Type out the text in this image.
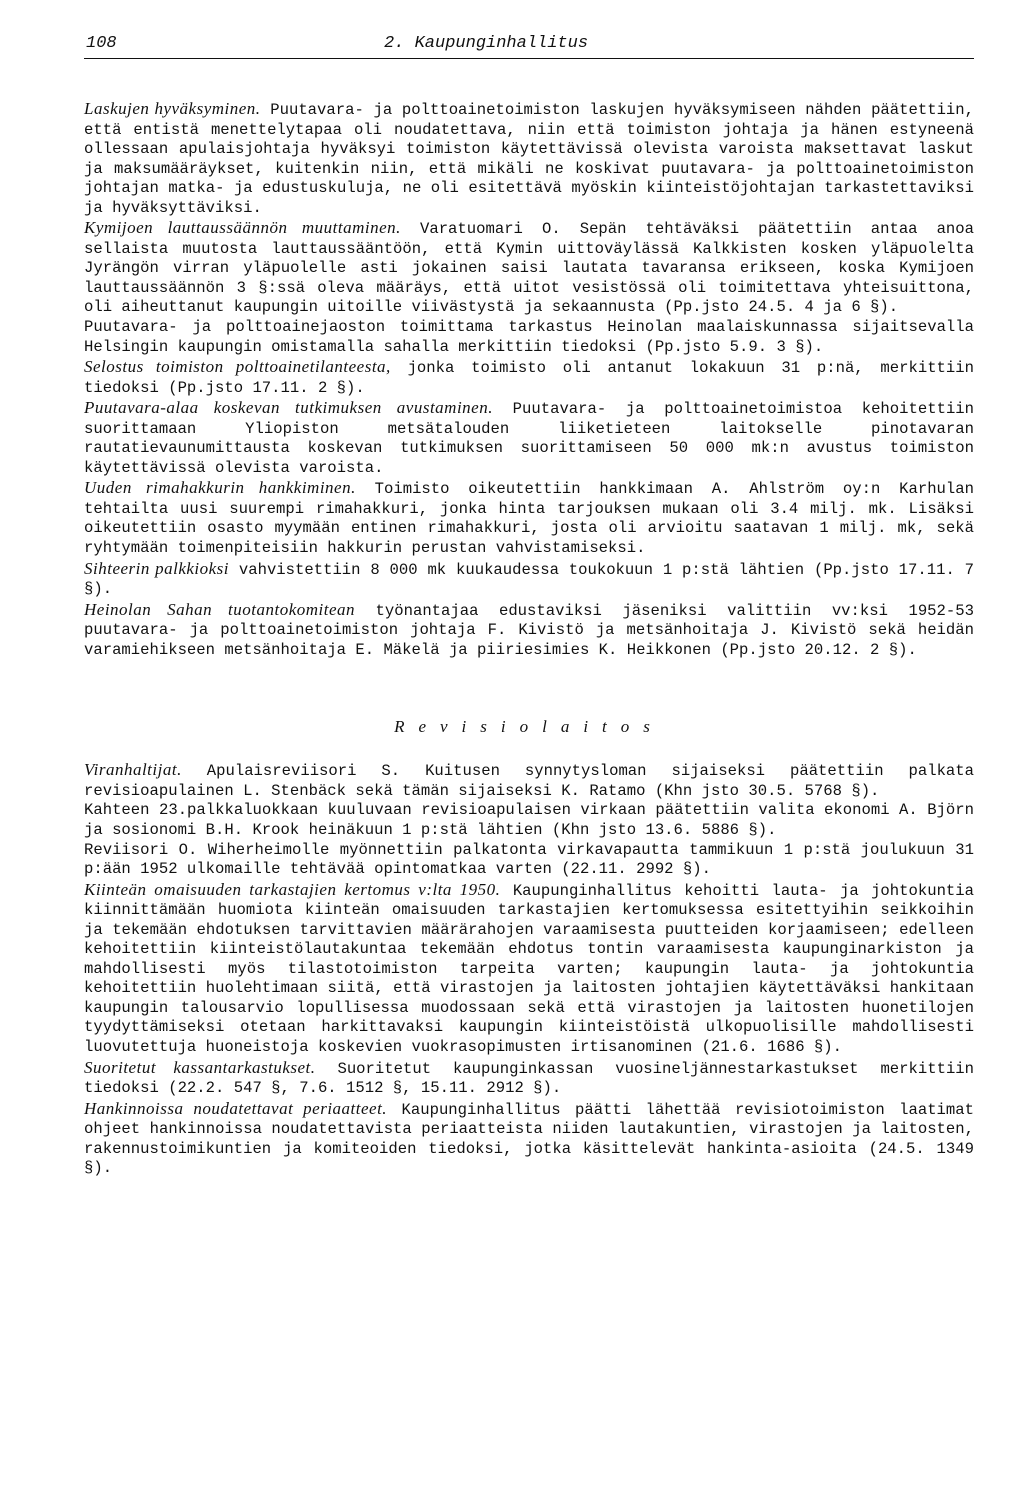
108	2. Kaupunginhallitus

Laskujen hyväksyminen. Puutavara- ja polttoainetoimiston laskujen hyväksymiseen nähden päätettiin, että entistä menettelytapaa oli noudatettava, niin että toimiston johtaja ja hänen estyneenä ollessaan apulaisjohtaja hyväksyi toimiston käytettävissä olevista varoista maksettavat laskut ja maksumääräykset, kuitenkin niin, että mikäli ne koskivat puutavara- ja polttoainetoimiston johtajan matka- ja edustuskuluja, ne oli esitettävä myöskin kiinteistöjohtajan tarkastettaviksi ja hyväksyttäviksi.

Kymijoen lauttaussäännön muuttaminen. Varatuomari O. Sepän tehtäväksi päätettiin antaa anoa sellaista muutosta lauttaussääntöön, että Kymin uittoväylässä Kalkkisten kosken yläpuolelta Jyrängön virran yläpuolelle asti jokainen saisi lautata tavaransa erikseen, koska Kymijoen lauttaussäännön 3 §:ssä oleva määräys, että uitot vesistössä oli toimitettava yhteisuittona, oli aiheuttanut kaupungin uitoille viivästystä ja sekaannusta (Pp.jsto 24.5. 4 ja 6 §).

Puutavara- ja polttoainejaoston toimittama tarkastus Heinolan maalaiskunnassa sijaitsevalla Helsingin kaupungin omistamalla sahalla merkittiin tiedoksi (Pp.jsto 5.9. 3 §).

Selostus toimiston polttoainetilanteesta, jonka toimisto oli antanut lokakuun 31 p:nä, merkittiin tiedoksi (Pp.jsto 17.11. 2 §).

Puutavara-alaa koskevan tutkimuksen avustaminen. Puutavara- ja polttoainetoimistoa kehoitettiin suorittamaan Yliopiston metsätalouden liiketieteen laitokselle pinotavaran rautatievaunumittausta koskevan tutkimuksen suorittamiseen 50 000 mk:n avustus toimiston käytettävissä olevista varoista.

Uuden rimahakkurin hankkiminen. Toimisto oikeutettiin hankkimaan A. Ahlström oy:n Karhulan tehtailta uusi suurempi rimahakkuri, jonka hinta tarjouksen mukaan oli 3.4 milj. mk. Lisäksi oikeutettiin osasto myymään entinen rimahakkuri, josta oli arvioitu saatavan 1 milj. mk, sekä ryhtymään toimenpiteisiin hakkurin perustan vahvistamiseksi.

Sihteerin palkkioksi vahvistettiin 8 000 mk kuukaudessa toukokuun 1 p:stä lähtien (Pp.jsto 17.11. 7 §).

Heinolan Sahan tuotantokomitean työnantajaa edustaviksi jäseniksi valittiin vv:ksi 1952-53 puutavara- ja polttoainetoimiston johtaja F. Kivistö ja metsänhoitaja J. Kivistö sekä heidän varamiehikseen metsänhoitaja E. Mäkelä ja piiriesimies K. Heikkonen (Pp.jsto 20.12. 2 §).

Revisiolaitos

Viranhaltijat. Apulaisreviisori S. Kuitusen synnytysloman sijaiseksi päätettiin palkata revisioapulainen L. Stenbäck sekä tämän sijaiseksi K. Ratamo (Khn jsto 30.5. 5768 §).

Kahteen 23.palkkaluokkaan kuuluvaan revisioapulaisen virkaan päätettiin valita ekonomi A. Björn ja sosionomi B.H. Krook heinäkuun 1 p:stä lähtien (Khn jsto 13.6. 5886 §).

Reviisori O. Wiherheimolle myönnettiin palkatonta virkavapautta tammikuun 1 p:stä joulukuun 31 p:ään 1952 ulkomaille tehtävää opintomatkaa varten (22.11. 2992 §).

Kiinteän omaisuuden tarkastajien kertomus v:lta 1950. Kaupunginhallitus kehoitti lauta- ja johtokuntia kiinnittämään huomiota kiinteän omaisuuden tarkastajien kertomuksessa esitettyihin seikkoihin ja tekemään ehdotuksen tarvittavien määrärahojen varaamisesta puutteiden korjaamiseen; edelleen kehoitettiin kiinteistölautakuntaa tekemään ehdotus tontin varaamisesta kaupunginarkiston ja mahdollisesti myös tilastotoimiston tarpeita varten; kaupungin lauta- ja johtokuntia kehoitettiin huolehtimaan siitä, että virastojen ja laitosten johtajien käytettäväksi hankitaan kaupungin talousarvio lopullisessa muodossaan sekä että virastojen ja laitosten huonetilojen tyydyttämiseksi otetaan harkittavaksi kaupungin kiinteistöistä ulkopuolisille mahdollisesti luovutettuja huoneistoja koskevien vuokrasopimusten irtisanominen (21.6. 1686 §).

Suoritetut kassantarkastukset. Suoritetut kaupunginkassan vuosineljännestarkastukset merkittiin tiedoksi (22.2. 547 §, 7.6. 1512 §, 15.11. 2912 §).

Hankinnoissa noudatettavat periaatteet. Kaupunginhallitus päätti lähettää revisiotoimiston laatimat ohjeet hankinnoissa noudatettavista periaatteista niiden lautakuntien, virastojen ja laitosten, rakennustoimikuntien ja komiteoiden tiedoksi, jotka käsittelevät hankinta-asioita (24.5. 1349 §).
